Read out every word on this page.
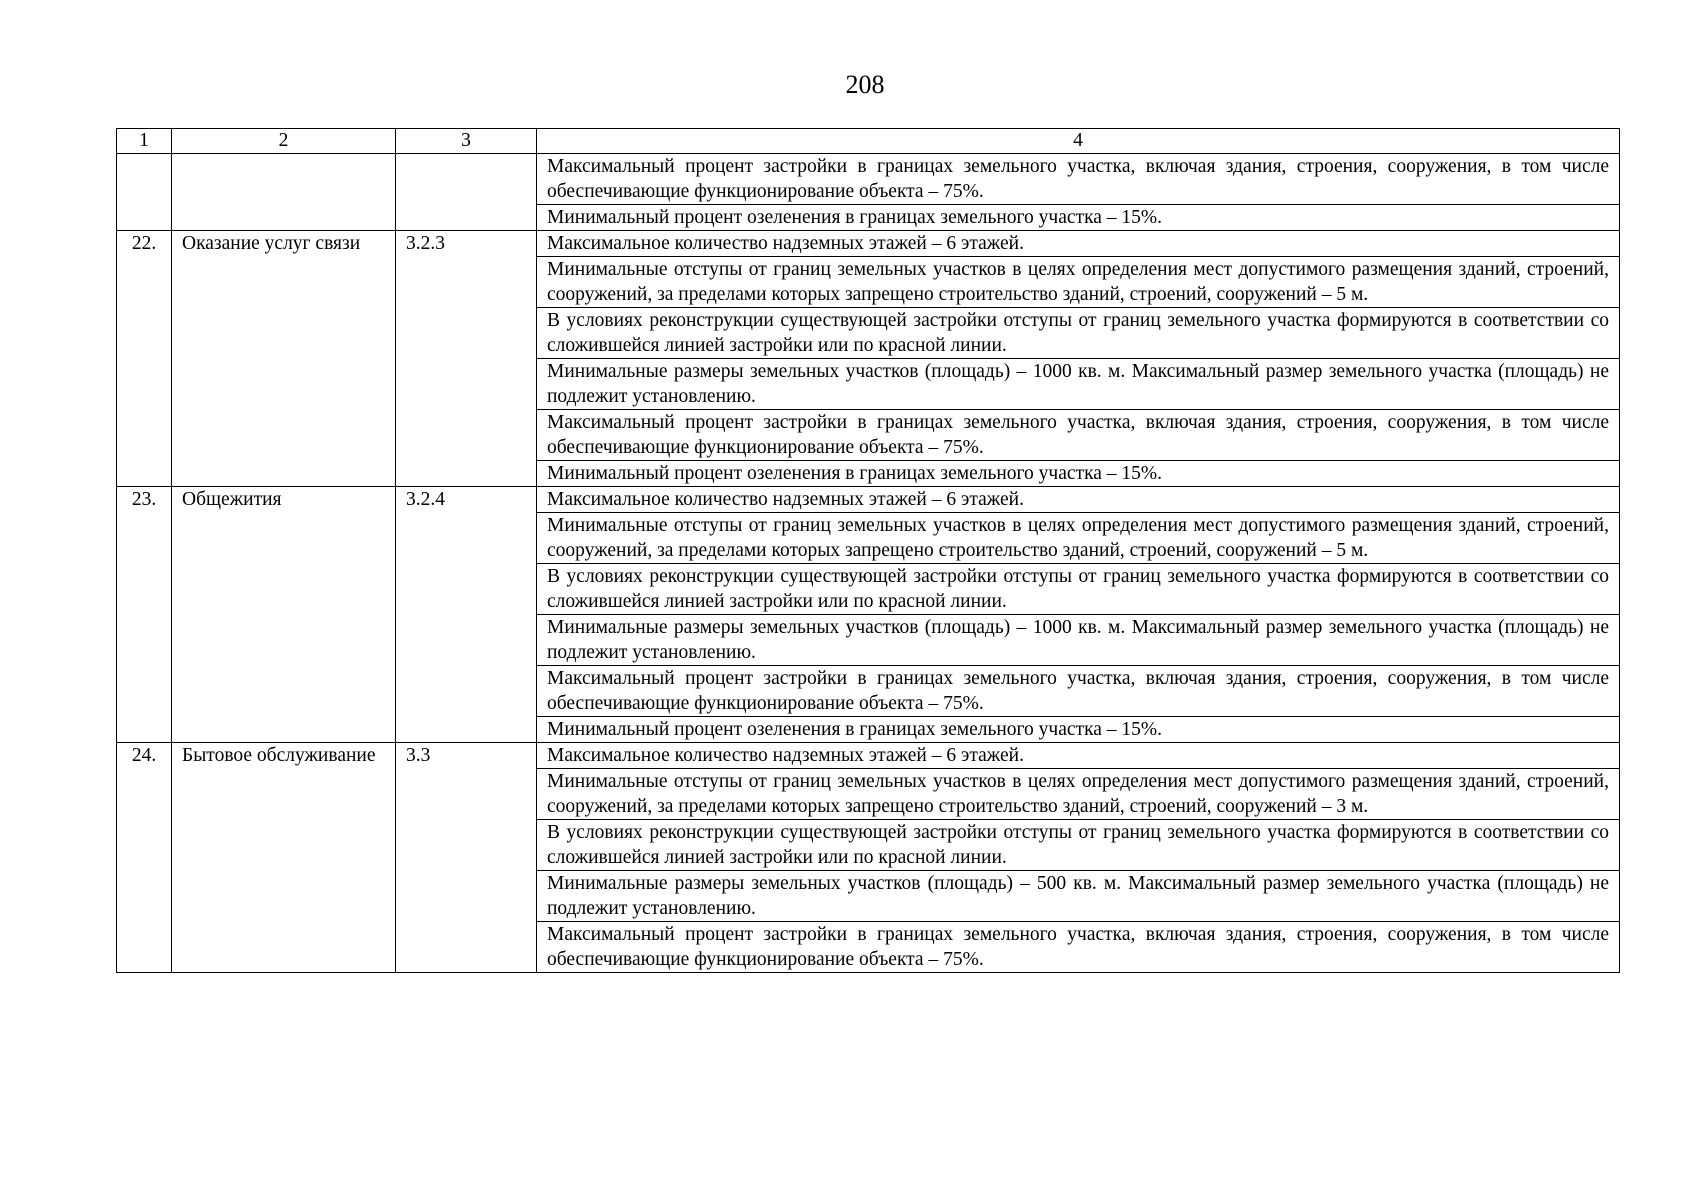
208
1	2	3	4
			Максимальный процент застройки в границах земельного участка, включая здания, строения, сооружения, в том числе обеспечивающие функционирование объекта – 75%.
			Минимальный процент озеленения в границах земельного участка – 15%.
22.	Оказание услуг связи	3.2.3	Максимальное количество надземных этажей – 6 этажей.
			Минимальные отступы от границ земельных участков в целях определения мест допустимого размещения зданий, строений, сооружений, за пределами которых запрещено строительство зданий, строений, сооружений – 5 м.
			В условиях реконструкции существующей застройки отступы от границ земельного участка формируются в соответствии со сложившейся линией застройки или по красной линии.
			Минимальные размеры земельных участков (площадь) – 1000 кв. м. Максимальный размер земельного участка (площадь) не подлежит установлению.
			Максимальный процент застройки в границах земельного участка, включая здания, строения, сооружения, в том числе обеспечивающие функционирование объекта – 75%.
			Минимальный процент озеленения в границах земельного участка – 15%.
23.	Общежития	3.2.4	Максимальное количество надземных этажей – 6 этажей.
			Минимальные отступы от границ земельных участков в целях определения мест допустимого размещения зданий, строений, сооружений, за пределами которых запрещено строительство зданий, строений, сооружений – 5 м.
			В условиях реконструкции существующей застройки отступы от границ земельного участка формируются в соответствии со сложившейся линией застройки или по красной линии.
			Минимальные размеры земельных участков (площадь) – 1000 кв. м. Максимальный размер земельного участка (площадь) не подлежит установлению.
			Максимальный процент застройки в границах земельного участка, включая здания, строения, сооружения, в том числе обеспечивающие функционирование объекта – 75%.
			Минимальный процент озеленения в границах земельного участка – 15%.
24.	Бытовое обслуживание	3.3	Максимальное количество надземных этажей – 6 этажей.
			Минимальные отступы от границ земельных участков в целях определения мест допустимого размещения зданий, строений, сооружений, за пределами которых запрещено строительство зданий, строений, сооружений – 3 м.
			В условиях реконструкции существующей застройки отступы от границ земельного участка формируются в соответствии со сложившейся линией застройки или по красной линии.
			Минимальные размеры земельных участков (площадь) – 500 кв. м. Максимальный размер земельного участка (площадь) не подлежит установлению.
			Максимальный процент застройки в границах земельного участка, включая здания, строения, сооружения, в том числе обеспечивающие функционирование объекта – 75%.
